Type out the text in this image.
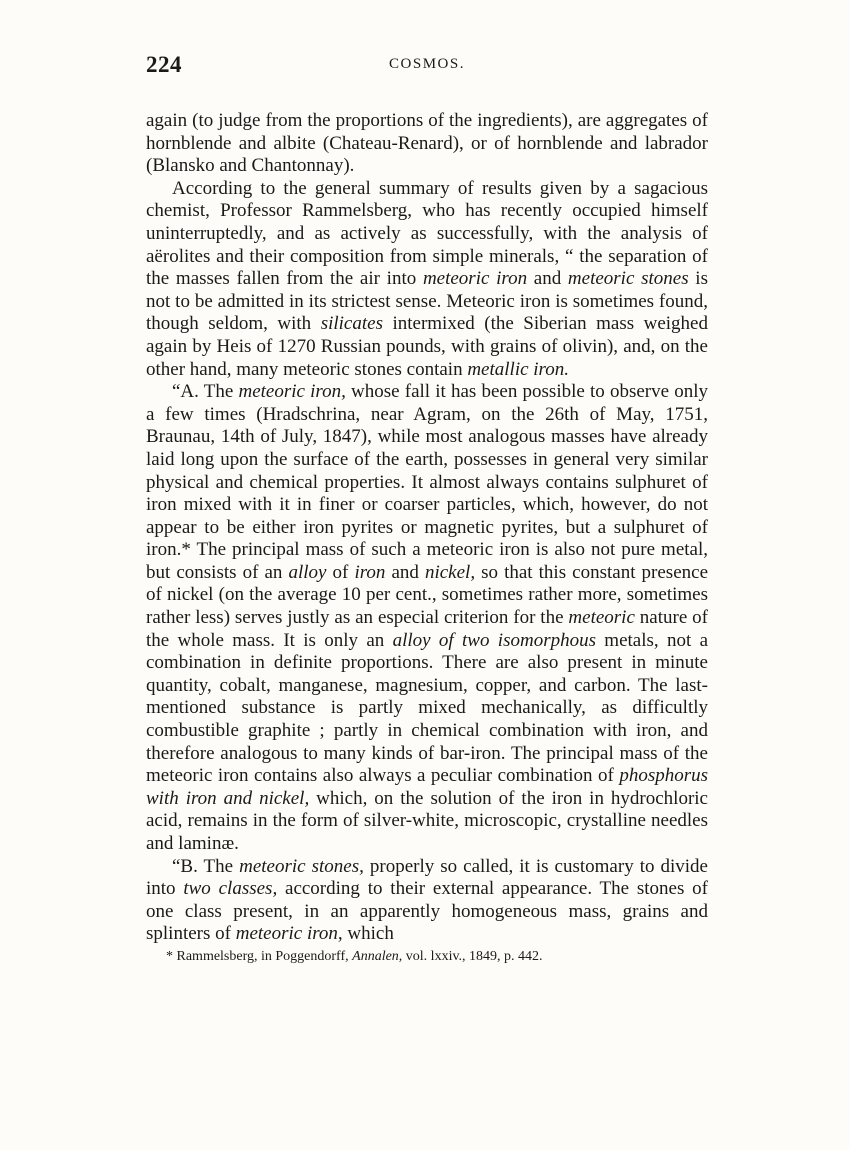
224	COSMOS.

again (to judge from the proportions of the ingredients), are aggregates of hornblende and albite (Chateau-Renard), or of hornblende and labrador (Blansko and Chantonnay).

According to the general summary of results given by a sagacious chemist, Professor Rammelsberg, who has recently occupied himself uninterruptedly, and as actively as successfully, with the analysis of aërolites and their composition from simple minerals, “ the separation of the masses fallen from the air into meteoric iron and meteoric stones is not to be admitted in its strictest sense. Meteoric iron is sometimes found, though seldom, with silicates intermixed (the Siberian mass weighed again by Heis of 1270 Russian pounds, with grains of olivin), and, on the other hand, many meteoric stones contain metallic iron.

“A. The meteoric iron, whose fall it has been possible to observe only a few times (Hradschrina, near Agram, on the 26th of May, 1751, Braunau, 14th of July, 1847), while most analogous masses have already laid long upon the surface of the earth, possesses in general very similar physical and chemical properties. It almost always contains sulphuret of iron mixed with it in finer or coarser particles, which, however, do not appear to be either iron pyrites or magnetic pyrites, but a sulphuret of iron.* The principal mass of such a meteoric iron is also not pure metal, but consists of an alloy of iron and nickel, so that this constant presence of nickel (on the average 10 per cent., sometimes rather more, sometimes rather less) serves justly as an especial criterion for the meteoric nature of the whole mass. It is only an alloy of two isomorphous metals, not a combination in definite proportions. There are also present in minute quantity, cobalt, manganese, magnesium, copper, and carbon. The last-mentioned substance is partly mixed mechanically, as difficultly combustible graphite ; partly in chemical combination with iron, and therefore analogous to many kinds of bar-iron. The principal mass of the meteoric iron contains also always a peculiar combination of phosphorus with iron and nickel, which, on the solution of the iron in hydrochloric acid, remains in the form of silver-white, microscopic, crystalline needles and laminæ.

“B. The meteoric stones, properly so called, it is customary to divide into two classes, according to their external appearance. The stones of one class present, in an apparently homogeneous mass, grains and splinters of meteoric iron, which

* Rammelsberg, in Poggendorff, Annalen, vol. lxxiv., 1849, p. 442.
